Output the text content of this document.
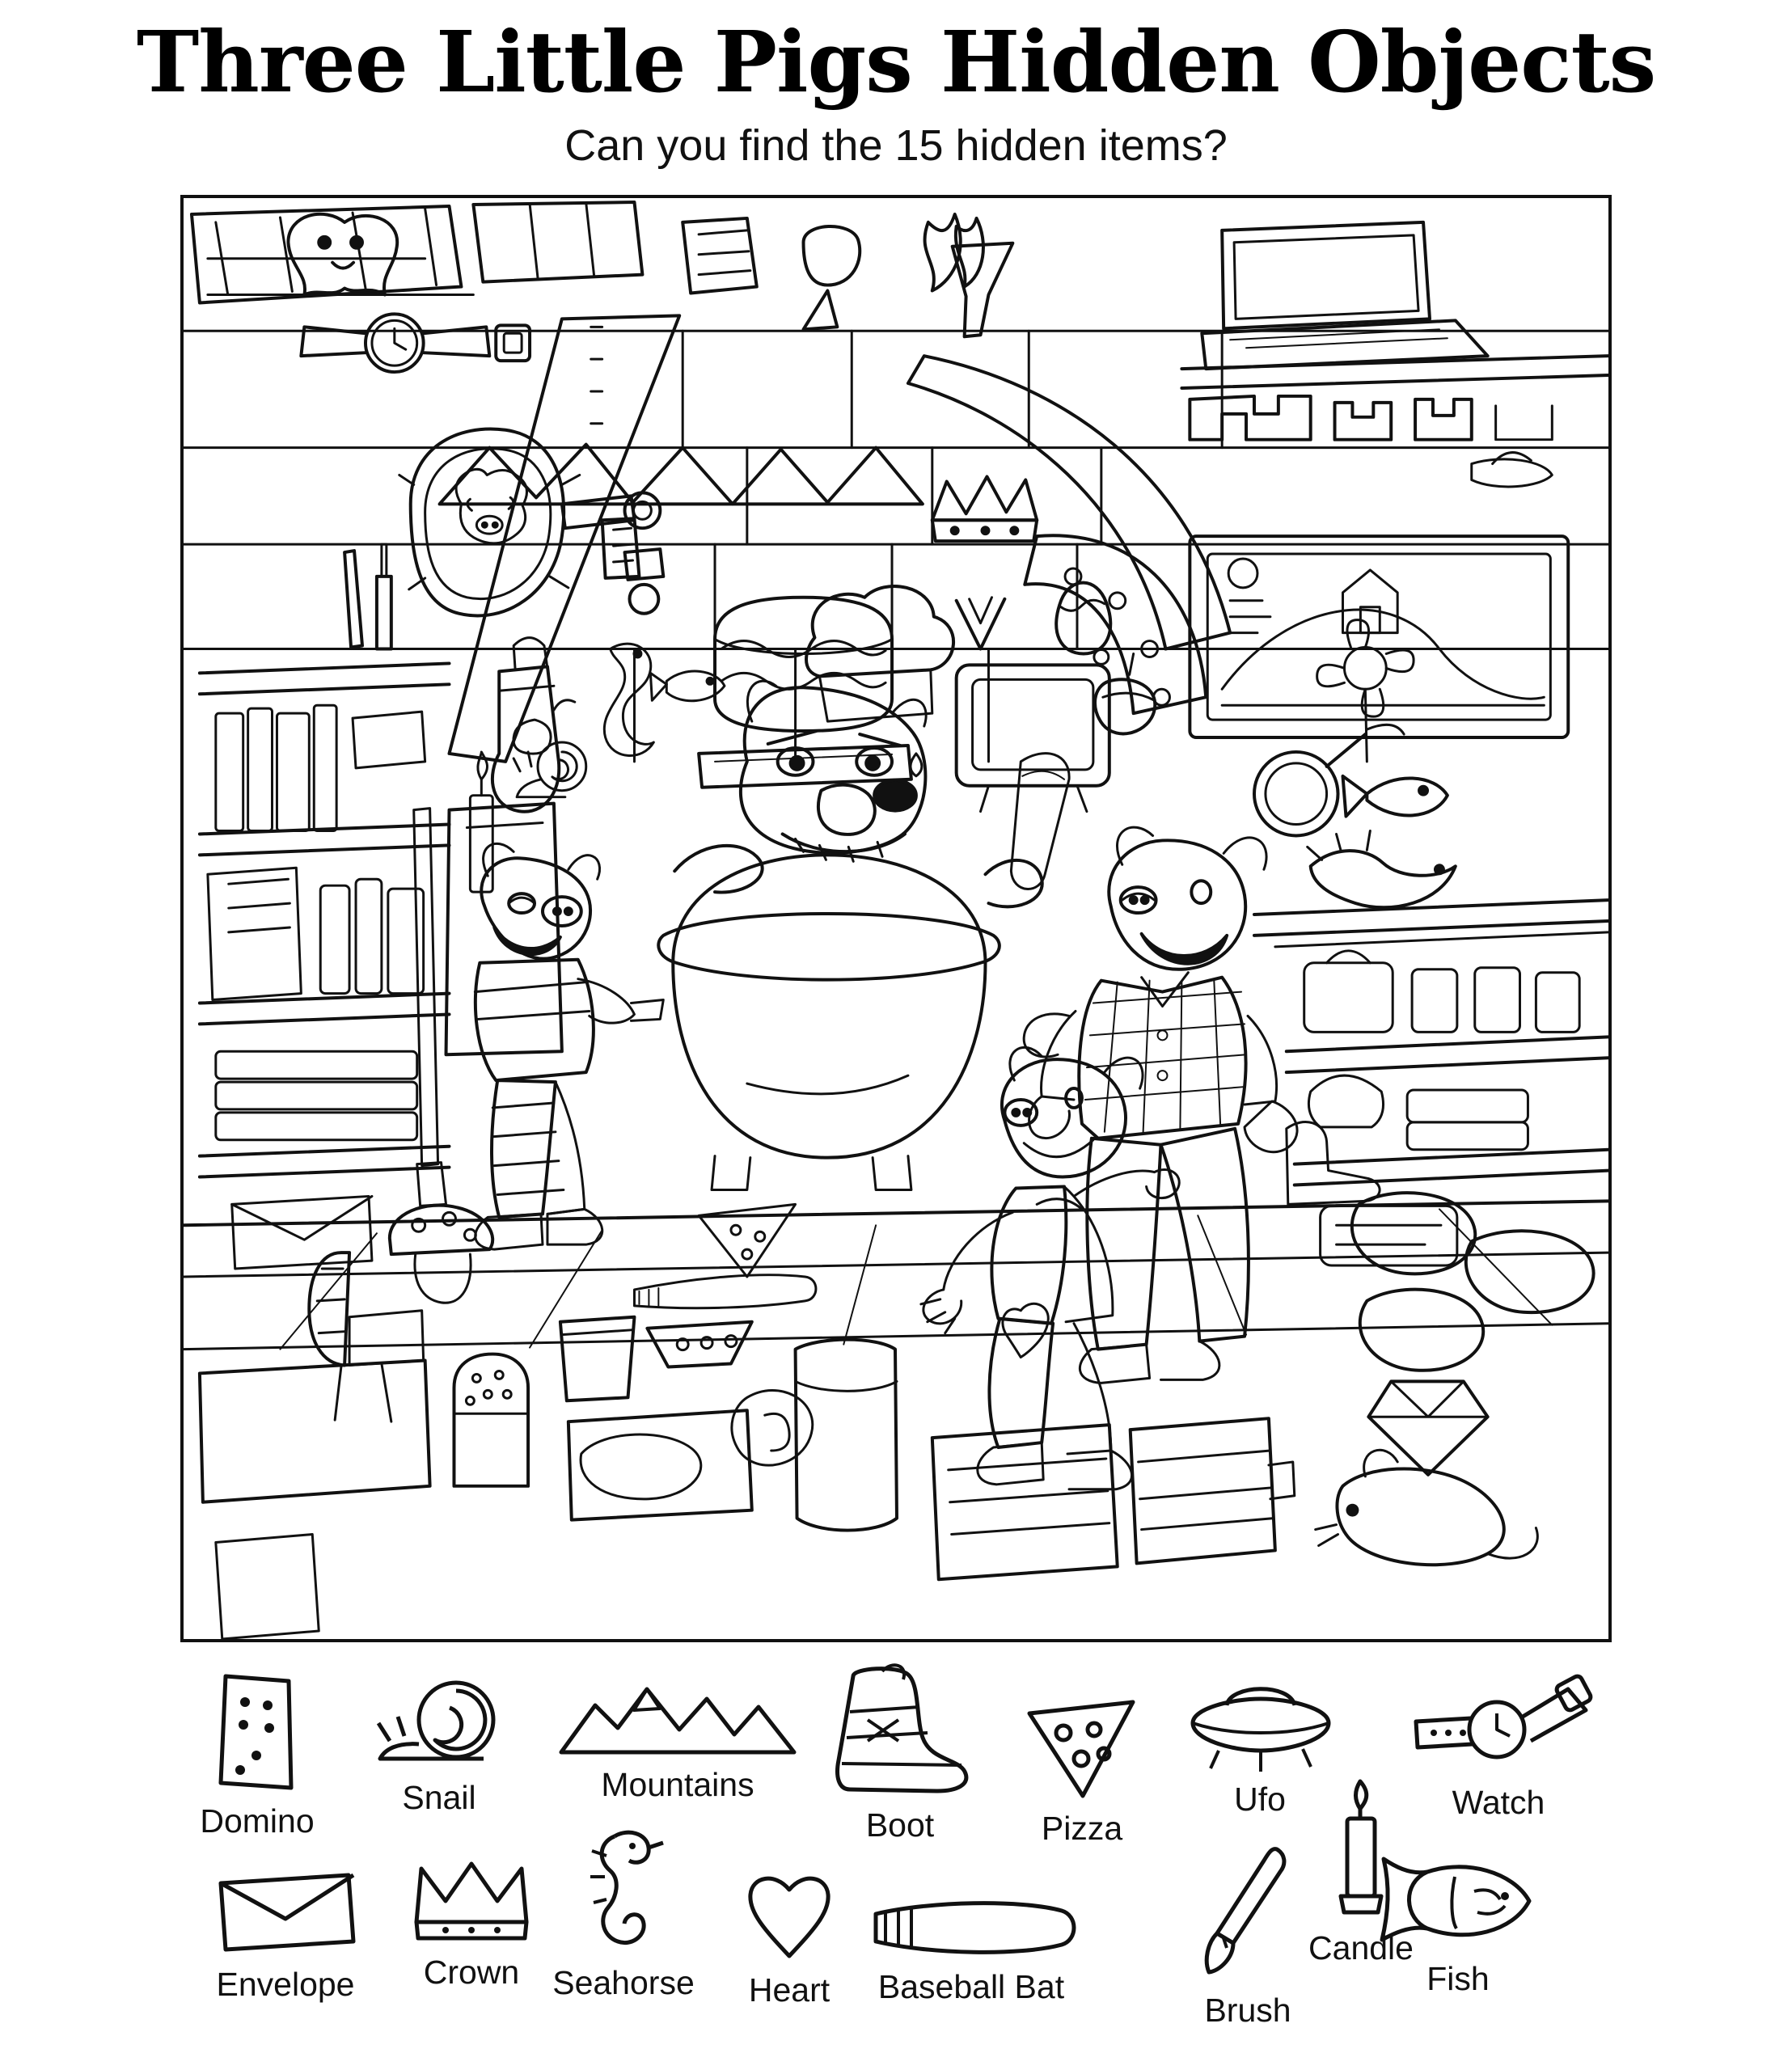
Three Little Pigs Hidden Objects
Can you find the 15 hidden items?
Domino
Snail	Mountains
Boot	Pizza
Ufo	Watch
Candle
Envelope Crown Seahorse Heart Baseball Bat
Brush
Fish
